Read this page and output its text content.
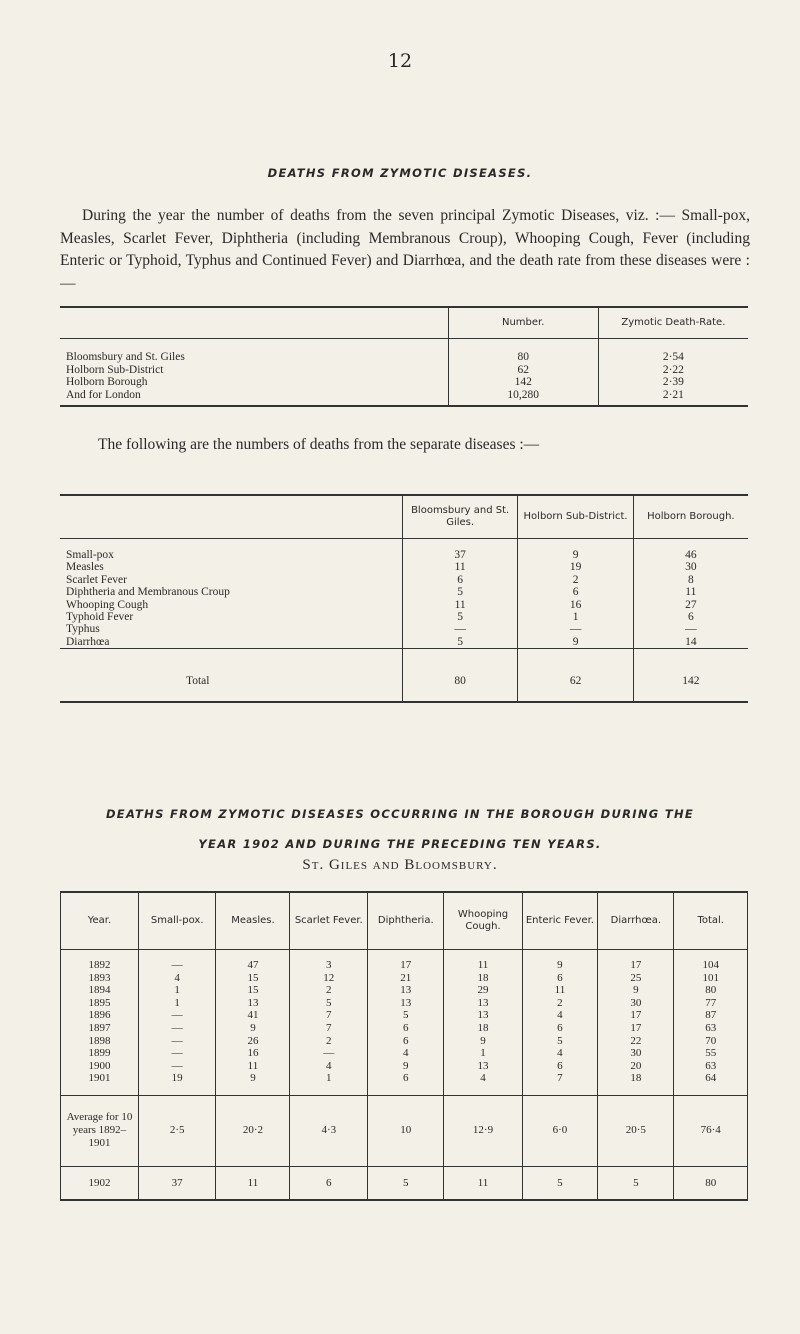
12
DEATHS FROM ZYMOTIC DISEASES.
During the year the number of deaths from the seven principal Zymotic Diseases, viz. :— Small-pox, Measles, Scarlet Fever, Diphtheria (including Membranous Croup), Whooping Cough, Fever (including Enteric or Typhoid, Typhus and Continued Fever) and Diarrhœa, and the death rate from these diseases were :—
	Number.	Zymotic Death-Rate.
Bloomsbury and St. Giles	80	2·54
Holborn Sub-District	62	2·22
Holborn Borough	142	2·39
And for London	10,280	2·21
The following are the numbers of deaths from the separate diseases :—
	Bloomsbury and St. Giles.	Holborn Sub-District.	Holborn Borough.
Small-pox	37	9	46
Measles	11	19	30
Scarlet Fever	6	2	8
Diphtheria and Membranous Croup	5	6	11
Whooping Cough	11	16	27
Typhoid Fever	5	1	6
Typhus	—	—	—
Diarrhœa	5	9	14
Total	80	62	142
DEATHS FROM ZYMOTIC DISEASES OCCURRING IN THE BOROUGH DURING THE
YEAR 1902 AND DURING THE PRECEDING TEN YEARS.
St. Giles and Bloomsbury.
Year.	Small-pox.	Measles.	Scarlet Fever.	Diphtheria.	Whooping Cough.	Enteric Fever.	Diarrhœa.	Total.
1892	—	47	3	17	11	9	17	104
1893	4	15	12	21	18	6	25	101
1894	1	15	2	13	29	11	9	80
1895	1	13	5	13	13	2	30	77
1896	—	41	7	5	13	4	17	87
1897	—	9	7	6	18	6	17	63
1898	—	26	2	6	9	5	22	70
1899	—	16	—	4	1	4	30	55
1900	—	11	4	9	13	6	20	63
1901	19	9	1	6	4	7	18	64
Average for 10 years 1892–1901	2·5	20·2	4·3	10	12·9	6·0	20·5	76·4
1902	37	11	6	5	11	5	5	80
